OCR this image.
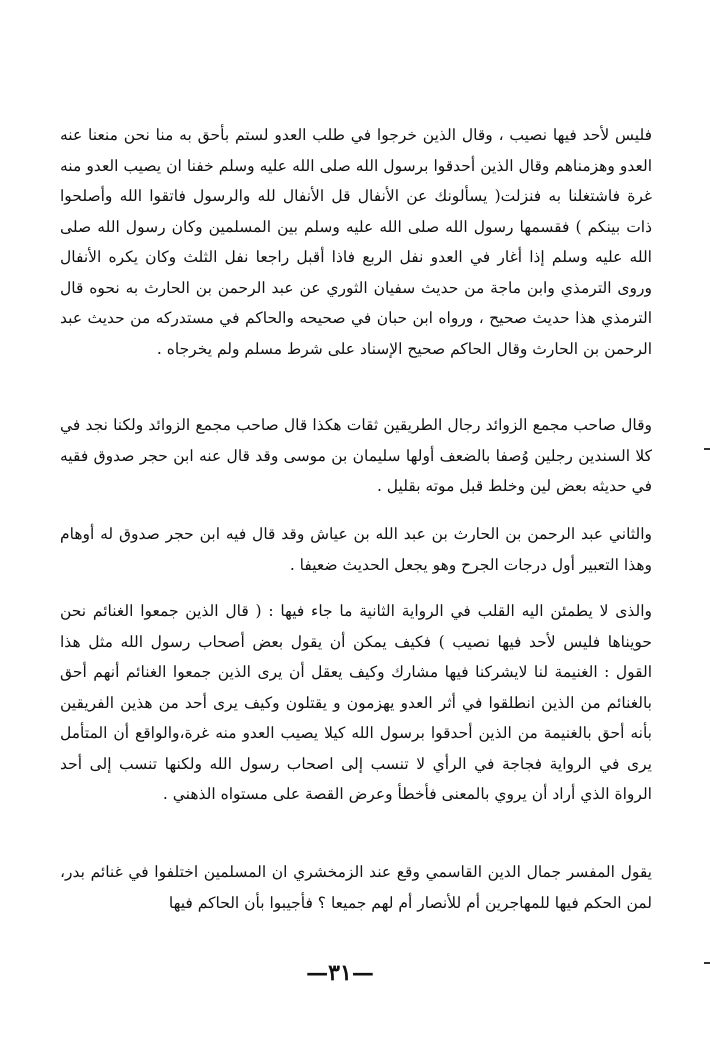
فليس لأحد فيها نصيب ، وقال الذين خرجوا في طلب العدو لستم بأحق به منا نحن منعنا عنه العدو وهزمناهم وقال الذين أحدقوا برسول الله صلى الله عليه وسلم خفنا ان يصيب العدو منه غرة فاشتغلنا به فنزلت( يسألونك عن الأنفال قل الأنفال لله والرسول فاتقوا الله وأصلحوا ذات بينكم ) فقسمها رسول الله صلى الله عليه وسلم بين المسلمين وكان رسول الله صلى الله عليه وسلم إذا أغار في العدو نفل الربع فاذا أقبل راجعا نفل الثلث وكان يكره الأنفال وروى الترمذي وابن ماجة من حديث سفيان الثوري عن عبد الرحمن بن الحارث به نحوه قال الترمذي هذا حديث صحيح ، ورواه ابن حبان في صحيحه والحاكم في مستدركه من حديث عبد الرحمن بن الحارث وقال الحاكم صحيح الإسناد على شرط مسلم ولم يخرجاه .

وقال صاحب مجمع الزوائد رجال الطريقين ثقات هكذا قال صاحب مجمع الزوائد ولكنا نجد في كلا السندين رجلين وُصفا بالضعف أولها سليمان بن موسى وقد قال عنه ابن حجر صدوق فقيه في حديثه بعض لين وخلط قبل موته بقليل .

والثاني عبد الرحمن بن الحارث بن عبد الله بن عياش وقد قال فيه ابن حجر صدوق له أوهام وهذا التعبير أول درجات الجرح وهو يجعل الحديث ضعيفا .

والذى لا يطمئن اليه القلب في الرواية الثانية ما جاء فيها : ( قال الذين جمعوا الغنائم نحن حويناها فليس لأحد فيها نصيب ) فكيف يمكن أن يقول بعض أصحاب رسول الله مثل هذا القول : الغنيمة لنا لايشركنا فيها مشارك وكيف يعقل أن يرى الذين جمعوا الغنائم أنهم أحق بالغنائم من الذين انطلقوا في أثر العدو يهزمون و يقتلون وكيف يرى أحد من هذين الفريقين بأنه أحق بالغنيمة من الذين أحدقوا برسول الله كيلا يصيب العدو منه غرة،والواقع أن المتأمل يرى في الرواية فجاجة في الرأي لا تنسب إلى اصحاب رسول الله ولكنها تنسب إلى أحد الرواة الذي أراد أن يروي بالمعنى فأخطأ وعرض القصة على مستواه الذهني .

يقول المفسر جمال الدين القاسمي وقع عند الزمخشري ان المسلمين اختلفوا في غنائم بدر، لمن الحكم فيها للمهاجرين أم للأنصار أم لهم جميعا ؟ فأجيبوا بأن الحاكم فيها

—٣١—
